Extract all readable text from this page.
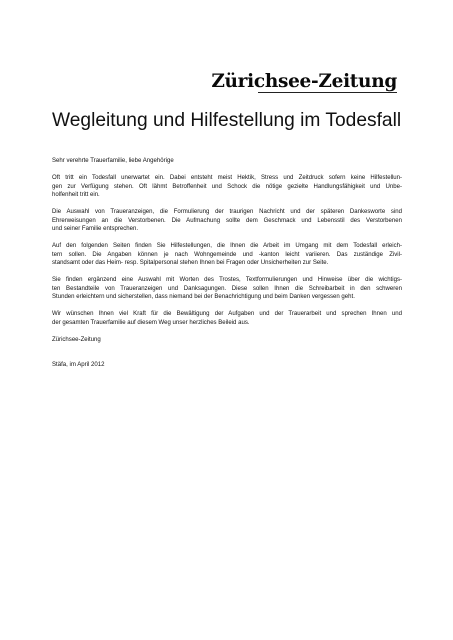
Zürichsee-Zeitung
Wegleitung und Hilfestellung im Todesfall

Sehr verehrte Trauerfamilie, liebe Angehörige

Oft tritt ein Todesfall unerwartet ein. Dabei entsteht meist Hektik, Stress und Zeitdruck sofern keine Hilfestellun-
gen zur Verfügung stehen. Oft lähmt Betroffenheit und Schock die nötige gezielte Handlungsfähigkeit und Unbe-
holfenheit tritt ein.

Die Auswahl von Traueranzeigen, die Formulierung der traurigen Nachricht und der späteren Dankesworte sind
Ehrerweisungen an die Verstorbenen. Die Aufmachung sollte dem Geschmack und Lebensstil des Verstorbenen
und seiner Familie entsprechen.

Auf den folgenden Seiten finden Sie Hilfestellungen, die Ihnen die Arbeit im Umgang mit dem Todesfall erleich-
tern sollen. Die Angaben können je nach Wohngemeinde und -kanton leicht variieren. Das zuständige Zivil-
standsamt oder das Heim- resp. Spitalpersonal stehen Ihnen bei Fragen oder Unsicherheiten zur Seite.

Sie finden ergänzend eine Auswahl mit Worten des Trostes, Textformulierungen und Hinweise über die wichtigs-
ten Bestandteile von Traueranzeigen und Danksagungen. Diese sollen Ihnen die Schreibarbeit in den schweren
Stunden erleichtern und sicherstellen, dass niemand bei der Benachrichtigung und beim Danken vergessen geht.

Wir wünschen Ihnen viel Kraft für die Bewältigung der Aufgaben und der Trauerarbeit und sprechen Ihnen und
der gesamten Trauerfamilie auf diesem Weg unser herzliches Beileid aus.

Zürichsee-Zeitung

Stäfa, im April 2012
